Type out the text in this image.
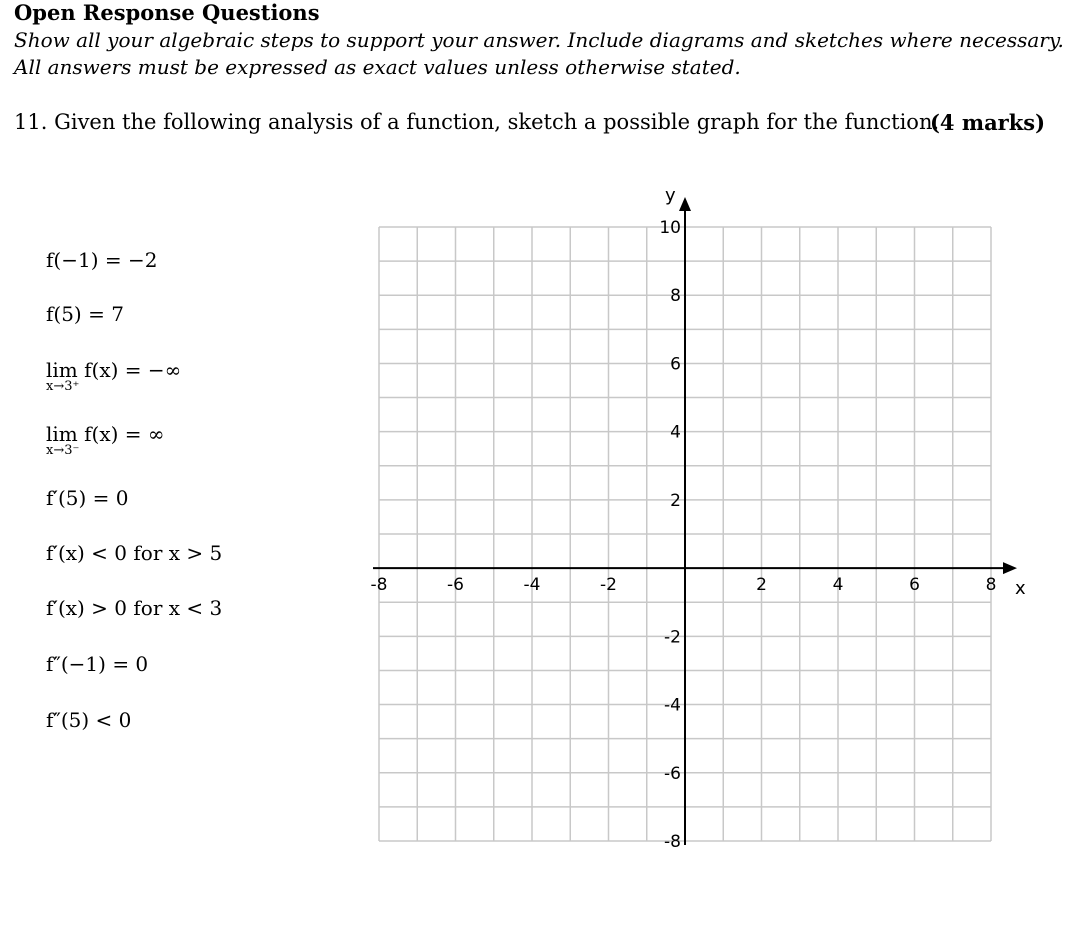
Open Response Questions
Show all your algebraic steps to support your answer. Include diagrams and sketches where necessary.
All answers must be expressed as exact values unless otherwise stated.
11. Given the following analysis of a function, sketch a possible graph for the function.
(4 marks)
f(−1) = −2
f(5) = 7
lim f(x) = −∞
x→3⁺
lim f(x) = ∞
x→3⁻
f′(5) = 0
f′(x) < 0 for x > 5
f′(x) > 0 for x < 3
f″(−1) = 0
f″(5) < 0
-8	-6	-4	-2	2	4	6	8
10
8
6
4
2
-2
-4
-6
-8
x
y
